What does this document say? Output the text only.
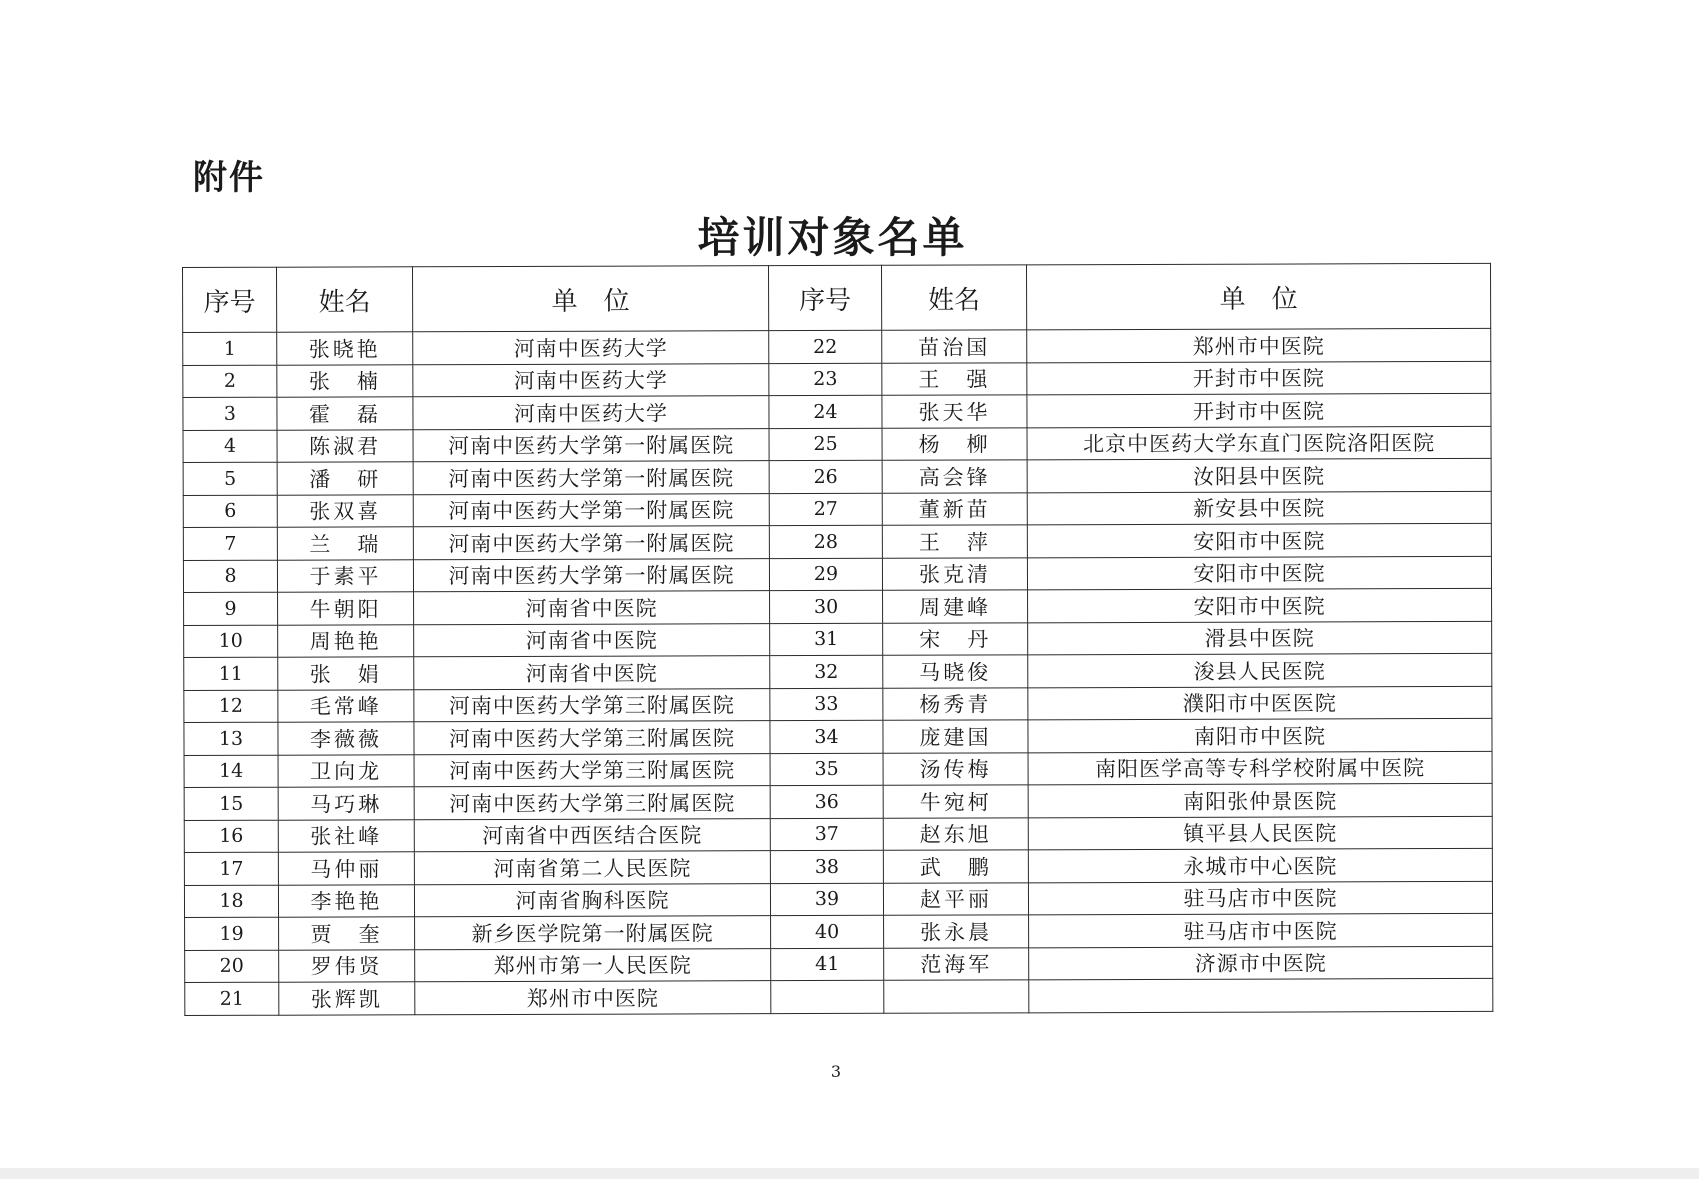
附件
培训对象名单
序号	姓名	单　位	序号	姓名	单　位
1	张晓艳	河南中医药大学	22	苗治国	郑州市中医院
2	张　楠	河南中医药大学	23	王　强	开封市中医院
3	霍　磊	河南中医药大学	24	张天华	开封市中医院
4	陈淑君	河南中医药大学第一附属医院	25	杨　柳	北京中医药大学东直门医院洛阳医院
5	潘　研	河南中医药大学第一附属医院	26	高会锋	汝阳县中医院
6	张双喜	河南中医药大学第一附属医院	27	董新苗	新安县中医院
7	兰　瑞	河南中医药大学第一附属医院	28	王　萍	安阳市中医院
8	于素平	河南中医药大学第一附属医院	29	张克清	安阳市中医院
9	牛朝阳	河南省中医院	30	周建峰	安阳市中医院
10	周艳艳	河南省中医院	31	宋　丹	滑县中医院
11	张　娟	河南省中医院	32	马晓俊	浚县人民医院
12	毛常峰	河南中医药大学第三附属医院	33	杨秀青	濮阳市中医医院
13	李薇薇	河南中医药大学第三附属医院	34	庞建国	南阳市中医院
14	卫向龙	河南中医药大学第三附属医院	35	汤传梅	南阳医学高等专科学校附属中医院
15	马巧琳	河南中医药大学第三附属医院	36	牛宛柯	南阳张仲景医院
16	张社峰	河南省中西医结合医院	37	赵东旭	镇平县人民医院
17	马仲丽	河南省第二人民医院	38	武　鹏	永城市中心医院
18	李艳艳	河南省胸科医院	39	赵平丽	驻马店市中医院
19	贾　奎	新乡医学院第一附属医院	40	张永晨	驻马店市中医院
20	罗伟贤	郑州市第一人民医院	41	范海军	济源市中医院
21	张辉凯	郑州市中医院			
3
